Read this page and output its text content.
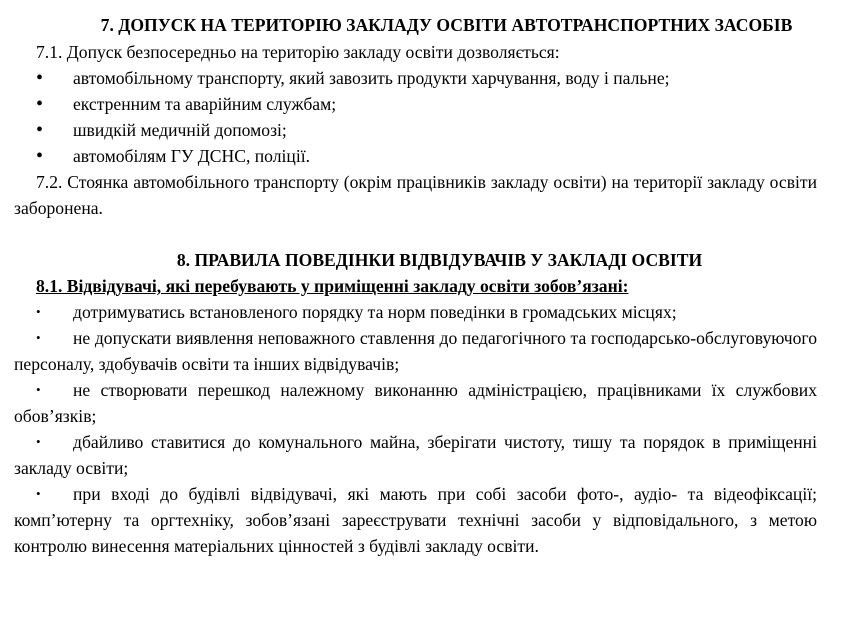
7. ДОПУСК НА ТЕРИТОРІЮ ЗАКЛАДУ ОСВІТИ АВТОТРАНСПОРТНИХ ЗАСОБІВ

7.1. Допуск безпосередньо на територію закладу освіти дозволяється:

• автомобільному транспорту, який завозить продукти харчування, воду і пальне;
• екстренним та аварійним службам;
• швидкій медичній допомозі;
• автомобілям ГУ ДСНС, поліції.

7.2. Стоянка автомобільного транспорту (окрім працівників закладу освіти) на території закладу освіти заборонена.

8. ПРАВИЛА ПОВЕДІНКИ ВІДВІДУВАЧІВ У ЗАКЛАДІ ОСВІТИ

8.1. Відвідувачі, які перебувають у приміщенні закладу освіти зобов’язані:

•	дотримуватись встановленого порядку та норм поведінки в громадських місцях;
•	не допускати виявлення неповажного ставлення до педагогічного та господарсько-обслуговуючого персоналу, здобувачів освіти та інших відвідувачів;
•	не створювати перешкод належному виконанню адміністрацією, працівниками їх службових обов’язків;
•	дбайливо ставитися до комунального майна, зберігати чистоту, тишу та порядок в приміщенні закладу освіти;
•	при вході до будівлі відвідувачі, які мають при собі засоби фото-, аудіо- та відеофіксації; комп’ютерну та оргтехніку, зобов’язані зареєструвати технічні засоби у відповідального, з метою контролю винесення матеріальних цінностей з будівлі закладу освіти.
